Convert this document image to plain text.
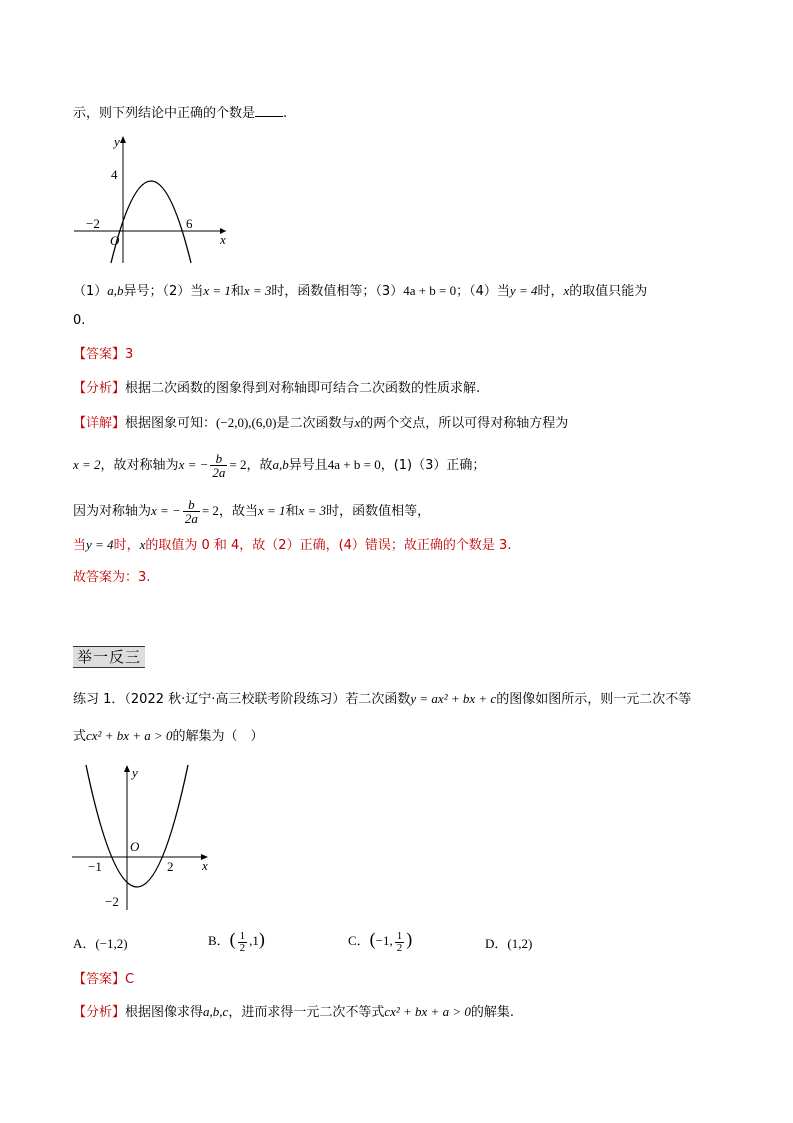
示，则下列结论中正确的个数是 .
y
x
4
−2	6
O
（1）a,b异号；（2）当x = 1和x = 3时，函数值相等；（3）4a + b = 0；（4）当y = 4时，x的取值只能为
0.
【答案】3
【分析】根据二次函数的图象得到对称轴即可结合二次函数的性质求解.
【详解】根据图象可知：(−2,0),(6,0)是二次函数与x的两个交点，所以可得对称轴方程为
x = 2，故对称轴为x = − $\frac{b}{2a} = 2$，故a,b异号且4a + b = 0，(1)（3）正确；
因为对称轴为x = − $\frac{b}{2a} = 2$，故当x = 1和x = 3时，函数值相等，
当y = 4时，x的取值为 0 和 4，故（2）正确，(4）错误；故正确的个数是 3.
故答案为：3.
举一反三
练习 1．（2022 秋·辽宁·高三校联考阶段练习）若二次函数y = ax² + bx + c的图像如图所示，则一元二次不等
式cx² + bx + a > 0的解集为（　）
y
x
O
−1	2
−2
A．(−1,2)	B．( $\frac{1}{2} ,1$)	C．(−1, $\frac{1}{2}$ )	D．(1,2)
【答案】C
【分析】根据图像求得a,b,c，进而求得一元二次不等式cx² + bx + a > 0的解集.
